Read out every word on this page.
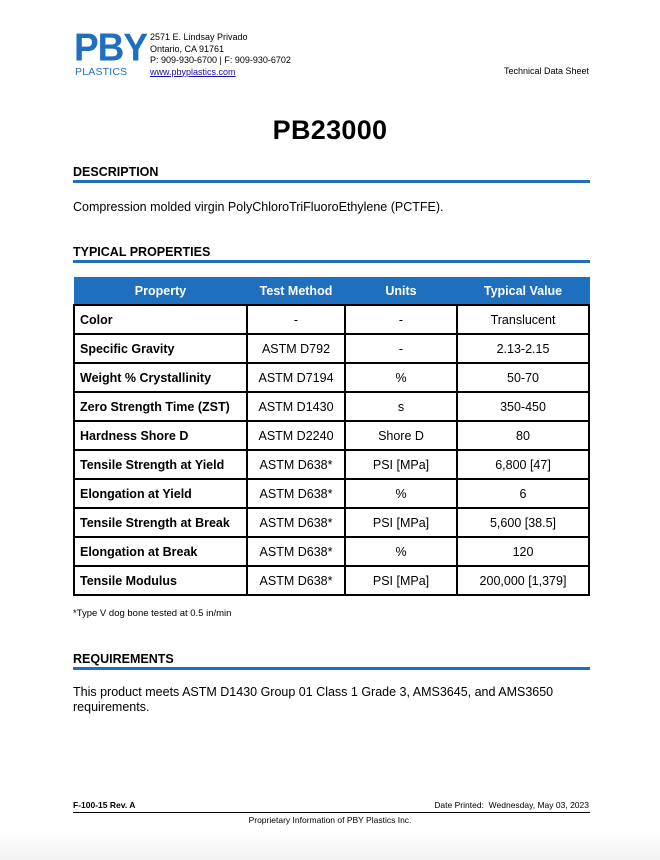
PBY
PLASTICS
2571 E. Lindsay Privado
Ontario, CA 91761
P: 909-930-6700 | F: 909-930-6702
www.pbyplastics.com	Technical Data Sheet
PB23000
DESCRIPTION
Compression molded virgin PolyChloroTriFluoroEthylene (PCTFE).
TYPICAL PROPERTIES
Property	Test Method	Units	Typical Value
Color	-	-	Translucent
Specific Gravity	ASTM D792	-	2.13-2.15
Weight % Crystallinity	ASTM D7194	%	50-70
Zero Strength Time (ZST)	ASTM D1430	s	350-450
Hardness Shore D	ASTM D2240	Shore D	80
Tensile Strength at Yield	ASTM D638*	PSI [MPa]	6,800 [47]
Elongation at Yield	ASTM D638*	%	6
Tensile Strength at Break	ASTM D638*	PSI [MPa]	5,600 [38.5]
Elongation at Break	ASTM D638*	%	120
Tensile Modulus	ASTM D638*	PSI [MPa]	200,000 [1,379]
*Type V dog bone tested at 0.5 in/min
REQUIREMENTS
This product meets ASTM D1430 Group 01 Class 1 Grade 3, AMS3645, and AMS3650 requirements.
F-100-15 Rev. A	Date Printed: Wednesday, May 03, 2023
Proprietary Information of PBY Plastics Inc.
